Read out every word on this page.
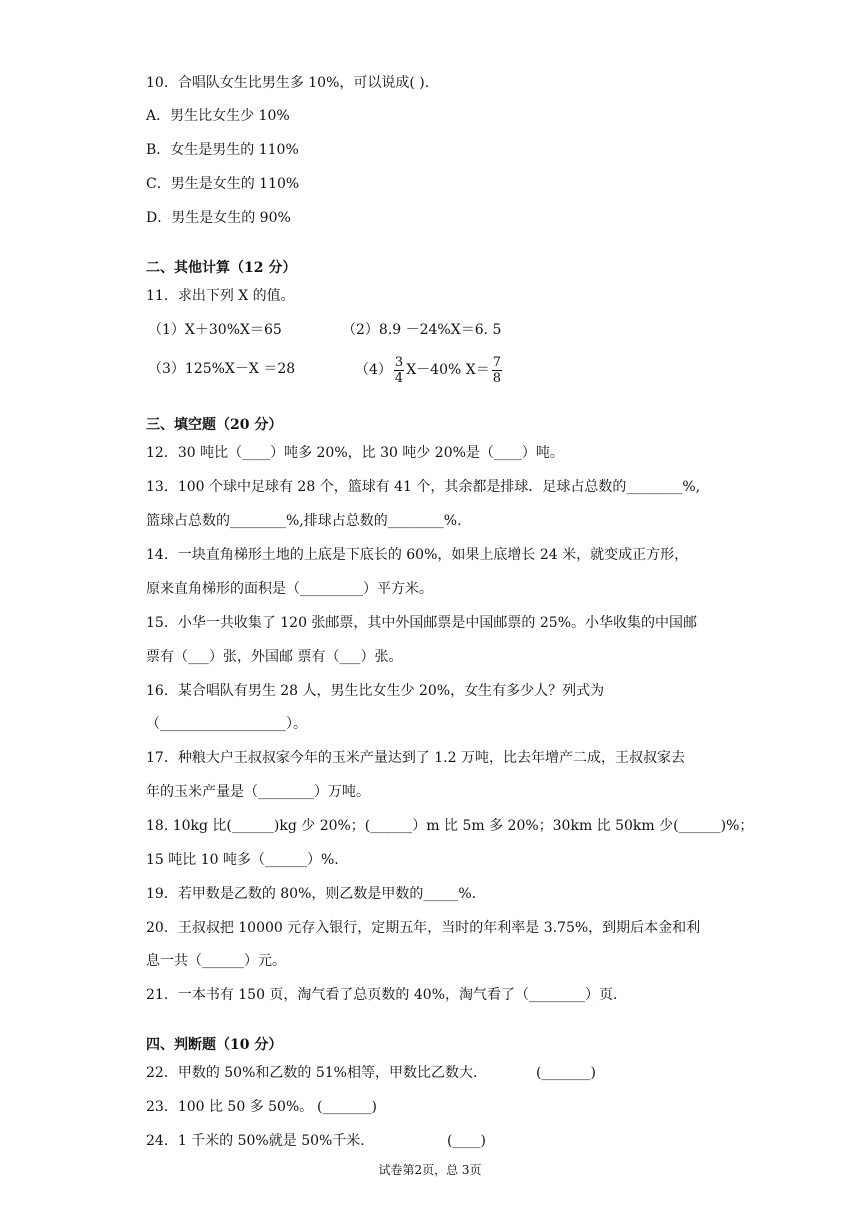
10．合唱队女生比男生多 10%，可以说成( ).
A．男生比女生少 10%
B．女生是男生的 110%
C．男生是女生的 110%
D．男生是女生的 90%
二、其他计算（12 分）
11．求出下列 X 的值。
（1）X＋30%X＝65	（2）8.9 －24%X＝6. 5
（3）125%X－X ＝28	$(4) \frac{3}{4} X-40\%$ $X= \frac{7}{8}$
三、填空题（20 分）
12．30 吨比（____）吨多 20%，比 30 吨少 20%是（____）吨。
13．100 个球中足球有 28 个，篮球有 41 个，其余都是排球．足球占总数的________%,
篮球占总数的________%,排球占总数的________%.
14．一块直角梯形土地的上底是下底长的 60%，如果上底增长 24 米，就变成正方形，
原来直角梯形的面积是（_________）平方米。
15．小华一共收集了 120 张邮票，其中外国邮票是中国邮票的 25%。小华收集的中国邮
票有（___）张，外国邮 票有（___）张。
16．某合唱队有男生 28 人，男生比女生少 20%，女生有多少人？列式为
（__________________）。
17．种粮大户王叔叔家今年的玉米产量达到了 1.2 万吨，比去年增产二成，王叔叔家去
年的玉米产量是（________）万吨。
18. 10kg 比(______)kg 少 20%；(______）m 比 5m 多 20%；30km 比 50km 少(______)%；
15 吨比 10 吨多（______）%.
19．若甲数是乙数的 80%，则乙数是甲数的_____%.
20．王叔叔把 10000 元存入银行，定期五年，当时的年利率是 3.75%，到期后本金和利
息一共（______）元。
21．一本书有 150 页，淘气看了总页数的 40%，淘气看了（________）页.
四、判断题（10 分）
22．甲数的 50%和乙数的 51%相等，甲数比乙数大.	(_______)
23．100 比 50 多 50%。 (_______)
24．1 千米的 50%就是 50%千米.	(____)
试卷第2页，总 3页
